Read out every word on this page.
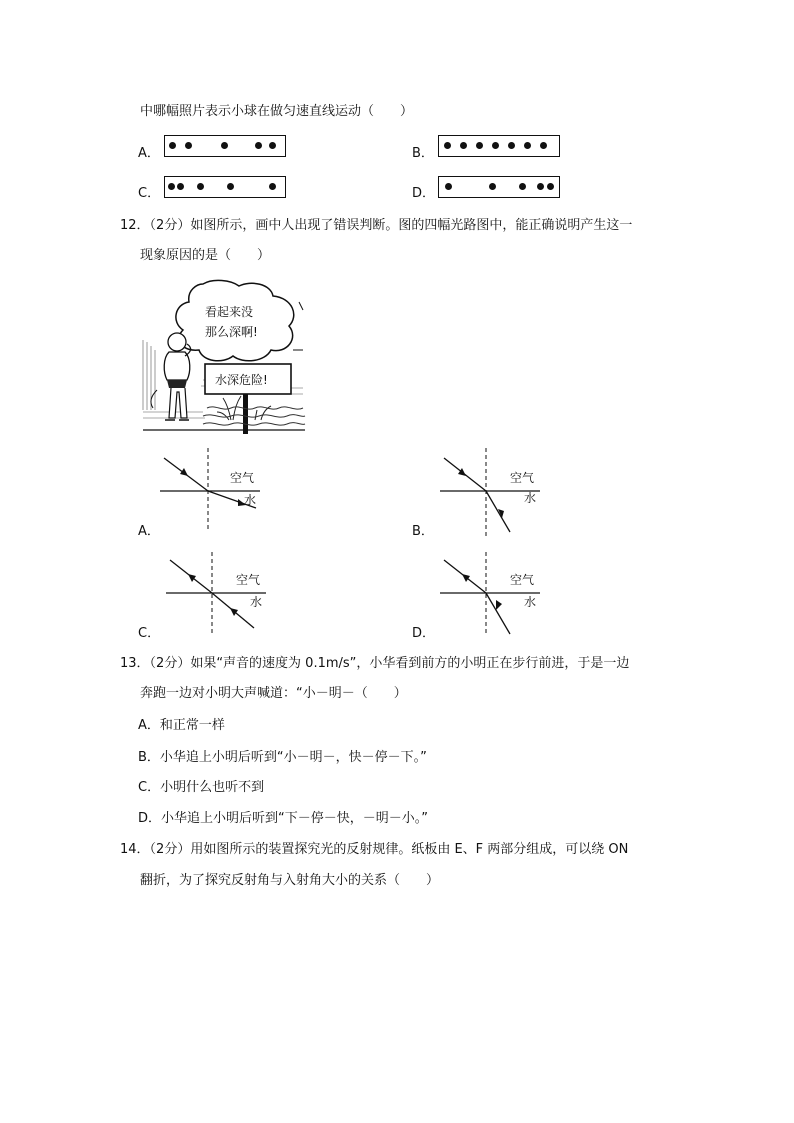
中哪幅照片表示小球在做匀速直线运动（　　）
A．	B．
C．	D．
12．（2分）如图所示，画中人出现了错误判断。图的四幅光路图中，能正确说明产生这一
现象原因的是（　　）
看起来没
那么深啊!
水深危险!
空气
水
A．
空气
水
B．
空气
水
C．
空气
水
D．
13．（2分）如果“声音的速度为 0.1m/s”，小华看到前方的小明正在步行前进，于是一边
奔跑一边对小明大声喊道：“小－明－（　　）
A．和正常一样
B．小华追上小明后听到“小－明－，快－停－下。”
C．小明什么也听不到
D．小华追上小明后听到“下－停－快，－明－小。”
14．（2分）用如图所示的装置探究光的反射规律。纸板由 E、F 两部分组成，可以绕 ON
翻折，为了探究反射角与入射角大小的关系（　　）
